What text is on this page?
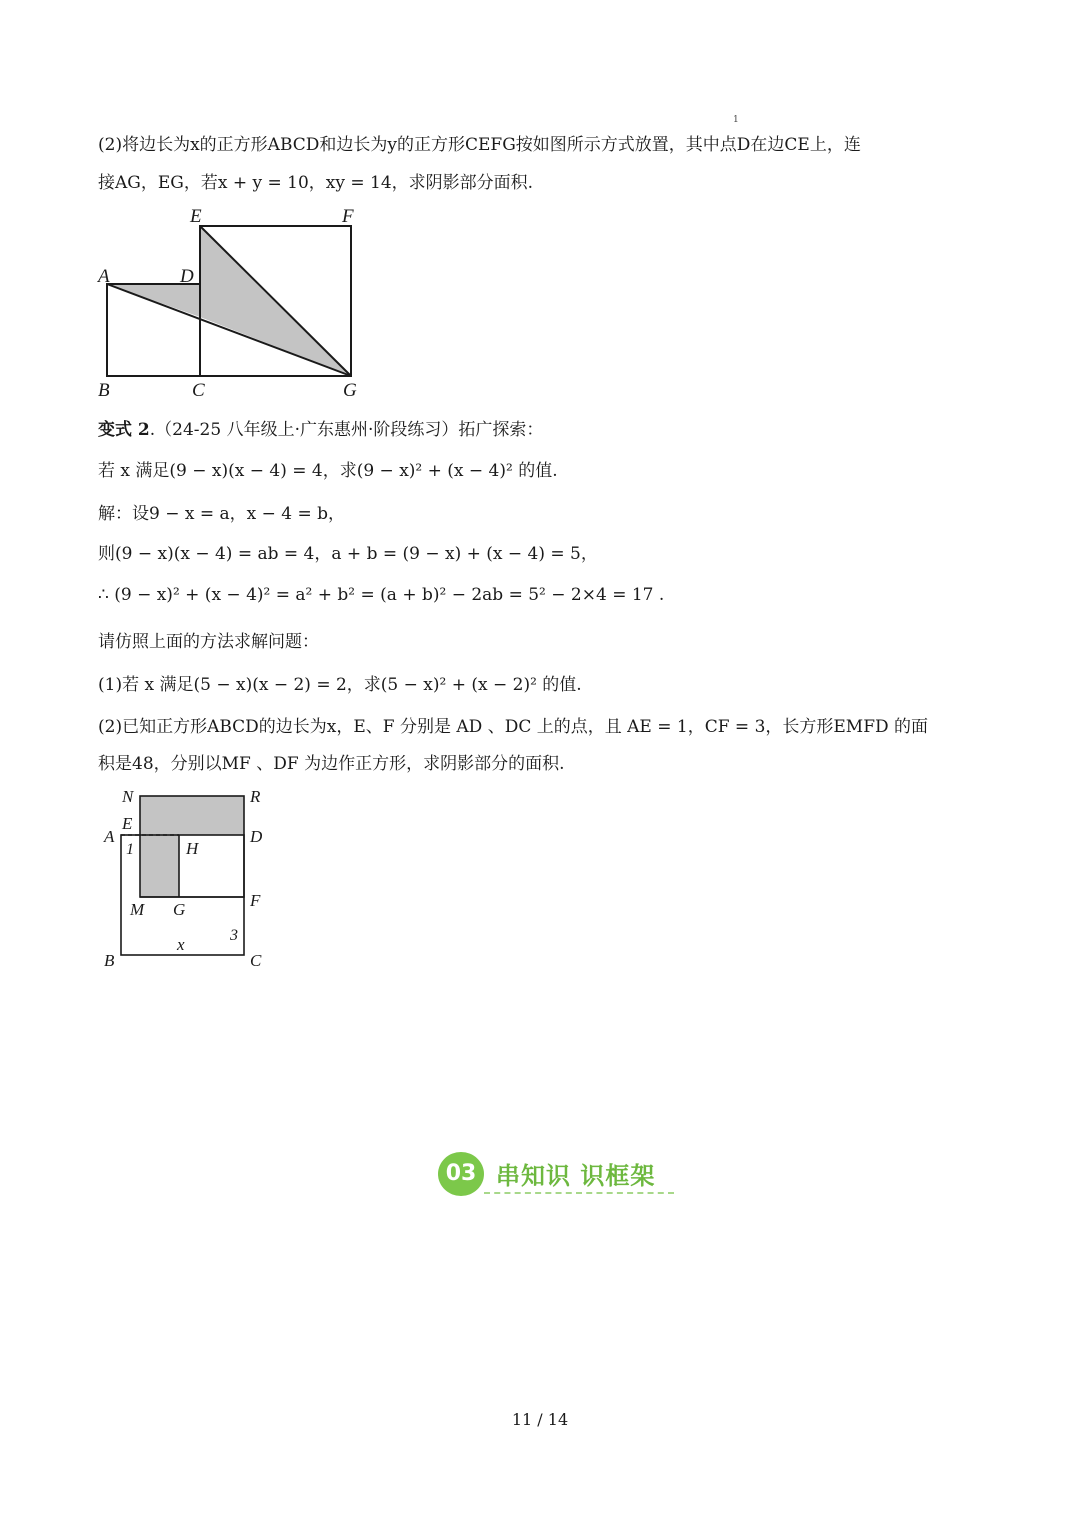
1
(2)将边长为x的正方形ABCD和边长为y的正方形CEFG按如图所示方式放置，其中点D在边CE上，连
接AG，EG，若x + y = 10，xy = 14，求阴影部分面积.
E	F
A	D
B	C	G
变式 2.（24-25 八年级上·广东惠州·阶段练习）拓广探索：
若 x 满足(9 − x)(x − 4) = 4，求(9 − x)² + (x − 4)² 的值.
解：设9 − x = a，x − 4 = b，
则(9 − x)(x − 4) = ab = 4，a + b = (9 − x) + (x − 4) = 5，
∴ (9 − x)² + (x − 4)² = a² + b² = (a + b)² − 2ab = 5² − 2×4 = 17 .
请仿照上面的方法求解问题：
(1)若 x 满足(5 − x)(x − 2) = 2，求(5 − x)² + (x − 2)² 的值.
(2)已知正方形ABCD的边长为x，E、F 分别是 AD 、DC 上的点，且 AE = 1，CF = 3，长方形EMFD 的面
积是48，分别以MF 、DF 为边作正方形，求阴影部分的面积.
N	R
E
A	D
1	H
F
M G
3
x
B	C
03 串知识 识框架
11 / 14
